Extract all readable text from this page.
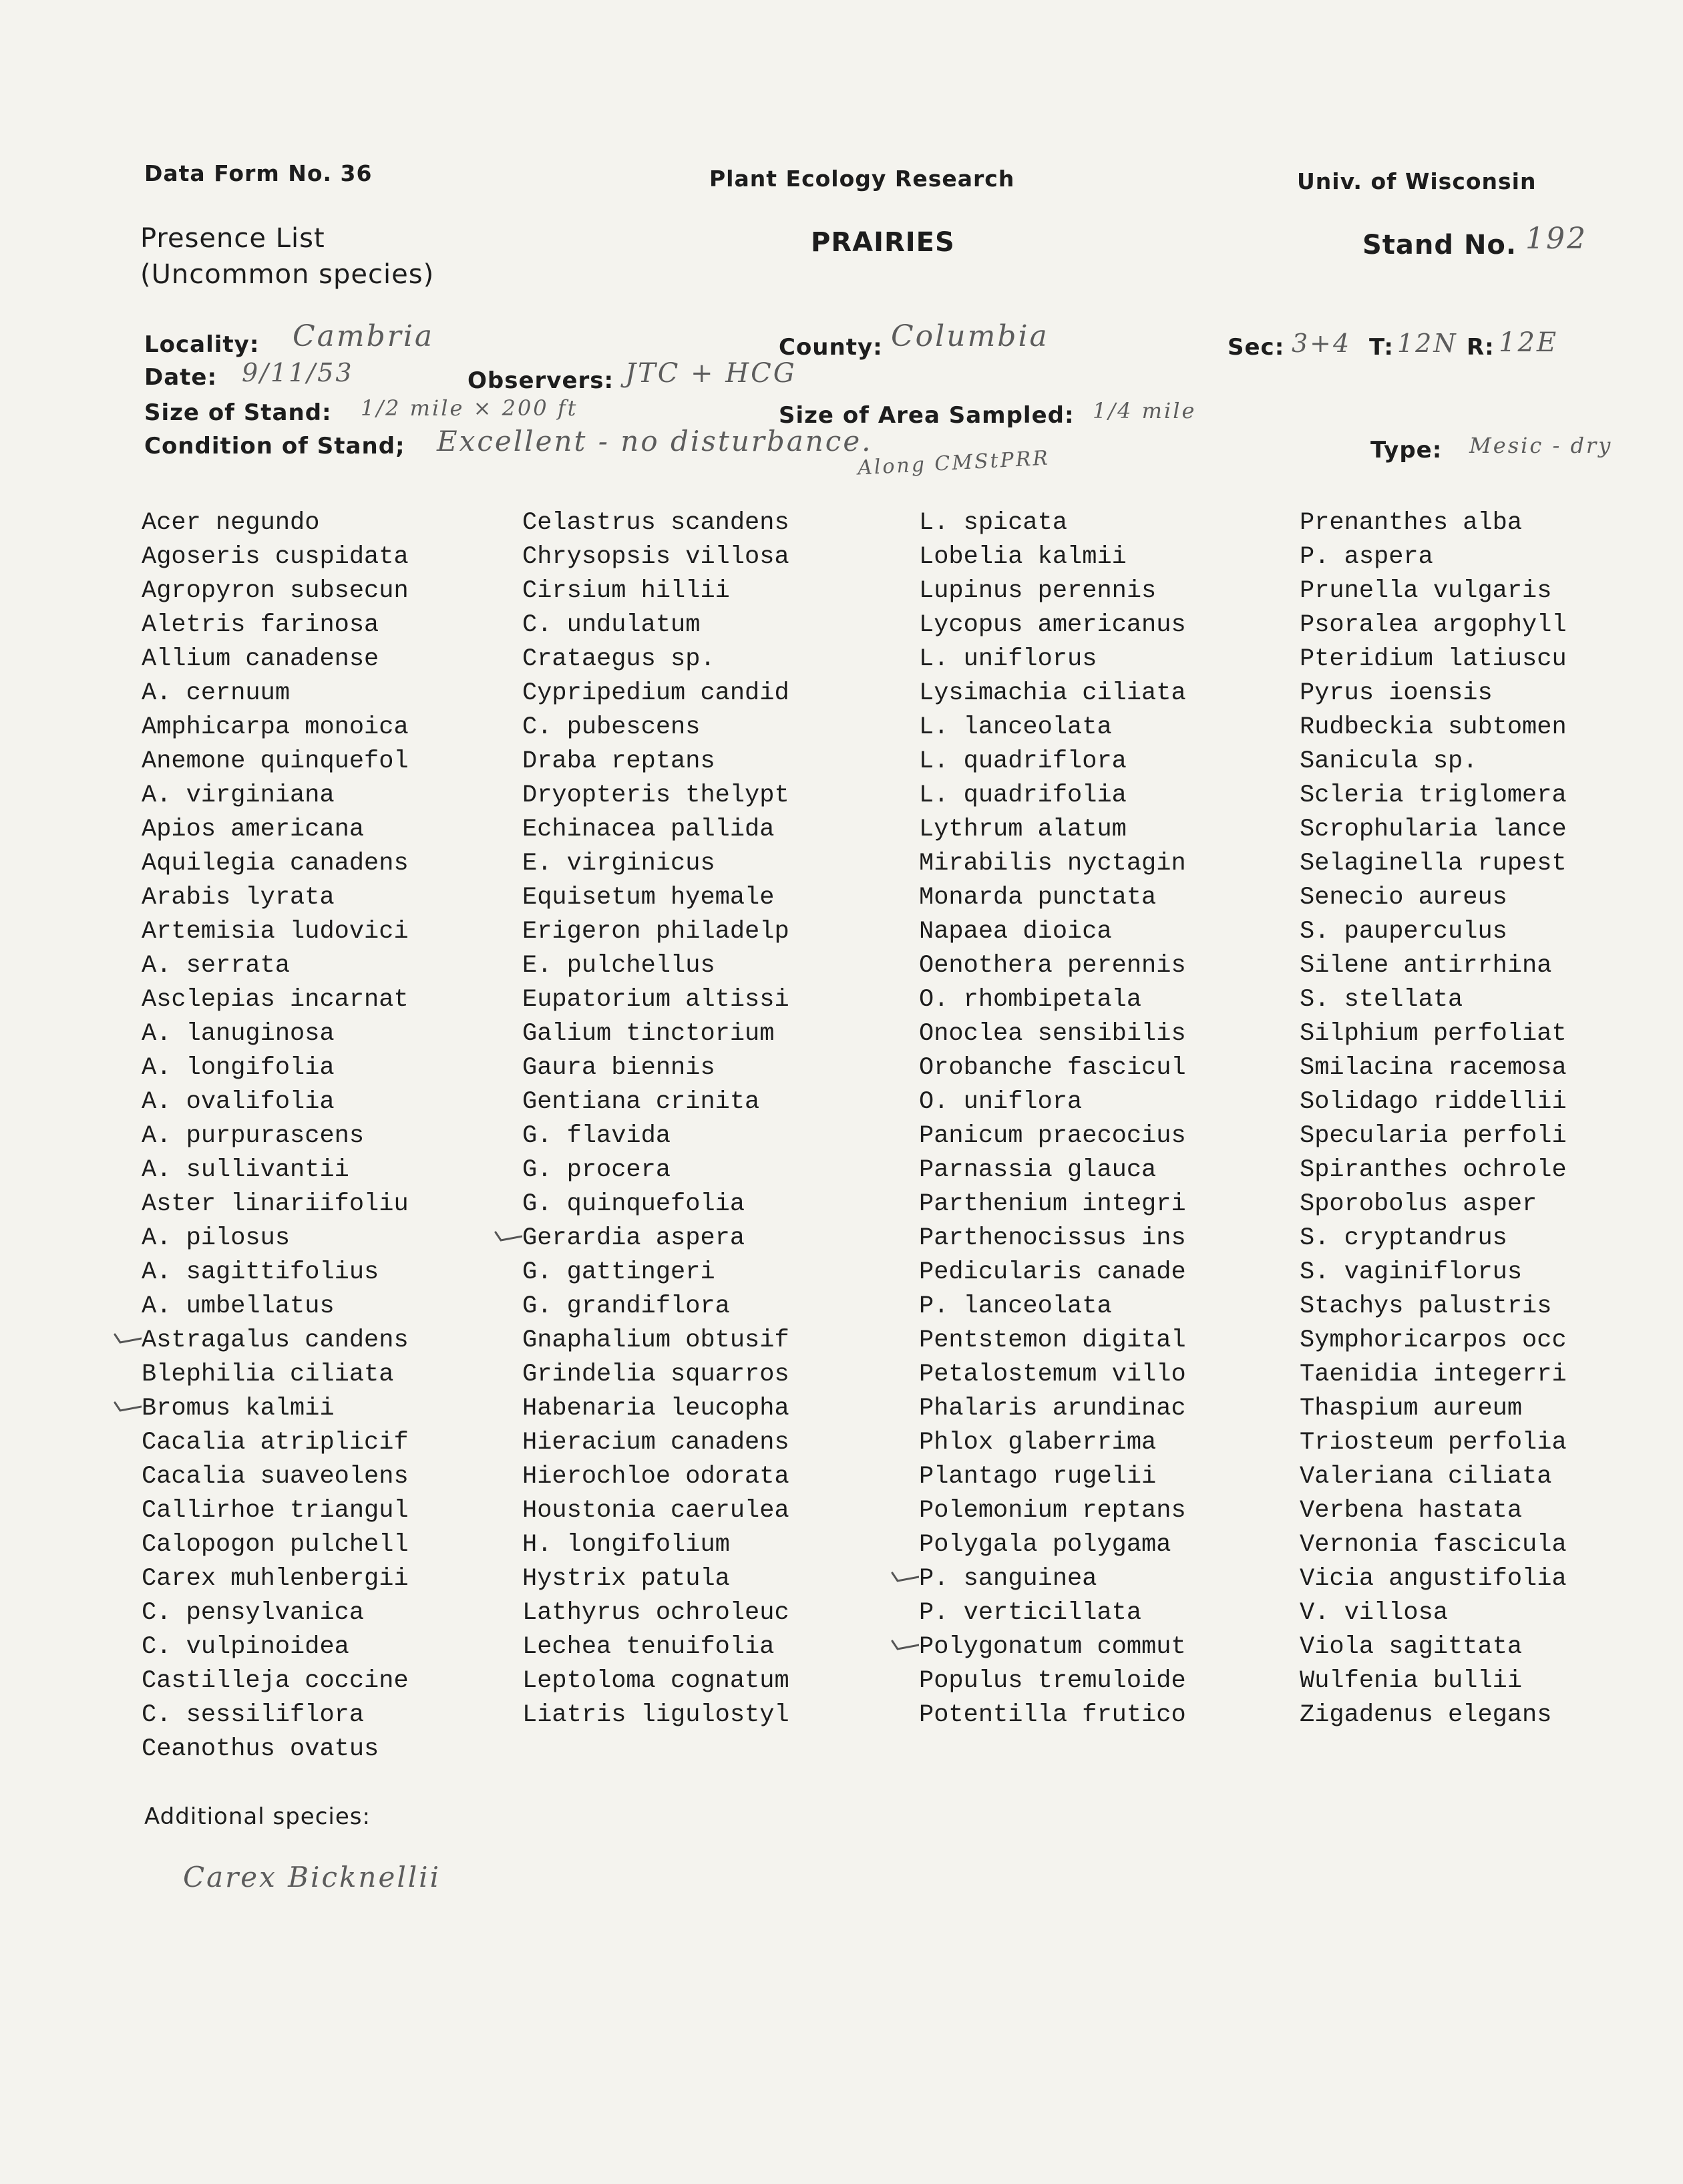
Data Form No. 36	Plant Ecology Research	Univ. of Wisconsin
Presence List
(Uncommon species)
PRAIRIES	Stand No. 192
Locality: Cambria	County: Columbia	Sec: 3+4 T: 12N R: 12E
Date: 9/11/53	Observers: JTC + HCG
Size of Stand: 1/2 mile × 200 ft	Size of Area Sampled: 1/4 mile
Condition of Stand; Excellent - no disturbance.
Along CMStPRR	Type: Mesic - dry
Acer negundo
Agoseris cuspidata
Agropyron subsecun
Aletris farinosa
Allium canadense
A. cernuum
Amphicarpa monoica
Anemone quinquefol
A. virginiana
Apios americana
Aquilegia canadens
Arabis lyrata
Artemisia ludovici
A. serrata
Asclepias incarnat
A. lanuginosa
A. longifolia
A. ovalifolia
A. purpurascens
A. sullivantii
Aster linariifoliu
A. pilosus
A. sagittifolius
A. umbellatus
Astragalus candens
Blephilia ciliata
Bromus kalmii
Cacalia atriplicif
Cacalia suaveolens
Callirhoe triangul
Calopogon pulchell
Carex muhlenbergii
C. pensylvanica
C. vulpinoidea
Castilleja coccine
C. sessiliflora
Ceanothus ovatus
Celastrus scandens
Chrysopsis villosa
Cirsium hillii
C. undulatum
Crataegus sp.
Cypripedium candid
C. pubescens
Draba reptans
Dryopteris thelypt
Echinacea pallida
E. virginicus
Equisetum hyemale
Erigeron philadelp
E. pulchellus
Eupatorium altissi
Galium tinctorium
Gaura biennis
Gentiana crinita
G. flavida
G. procera
G. quinquefolia
Gerardia aspera
G. gattingeri
G. grandiflora
Gnaphalium obtusif
Grindelia squarros
Habenaria leucopha
Hieracium canadens
Hierochloe odorata
Houstonia caerulea
H. longifolium
Hystrix patula
Lathyrus ochroleuc
Lechea tenuifolia
Leptoloma cognatum
Liatris ligulostyl
L. spicata
Lobelia kalmii
Lupinus perennis
Lycopus americanus
L. uniflorus
Lysimachia ciliata
L. lanceolata
L. quadriflora
L. quadrifolia
Lythrum alatum
Mirabilis nyctagin
Monarda punctata
Napaea dioica
Oenothera perennis
O. rhombipetala
Onoclea sensibilis
Orobanche fascicul
O. uniflora
Panicum praecocius
Parnassia glauca
Parthenium integri
Parthenocissus ins
Pedicularis canade
P. lanceolata
Pentstemon digital
Petalostemum villo
Phalaris arundinac
Phlox glaberrima
Plantago rugelii
Polemonium reptans
Polygala polygama
P. sanguinea
P. verticillata
Polygonatum commut
Populus tremuloide
Potentilla frutico
Prenanthes alba
P. aspera
Prunella vulgaris
Psoralea argophyll
Pteridium latiuscu
Pyrus ioensis
Rudbeckia subtomen
Sanicula sp.
Scleria triglomera
Scrophularia lance
Selaginella rupest
Senecio aureus
S. pauperculus
Silene antirrhina
S. stellata
Silphium perfoliat
Smilacina racemosa
Solidago riddellii
Specularia perfoli
Spiranthes ochrole
Sporobolus asper
S. cryptandrus
S. vaginiflorus
Stachys palustris
Symphoricarpos occ
Taenidia integerri
Thaspium aureum
Triosteum perfolia
Valeriana ciliata
Verbena hastata
Vernonia fascicula
Vicia angustifolia
V. villosa
Viola sagittata
Wulfenia bullii
Zigadenus elegans
Additional species:
Carex Bicknellii
